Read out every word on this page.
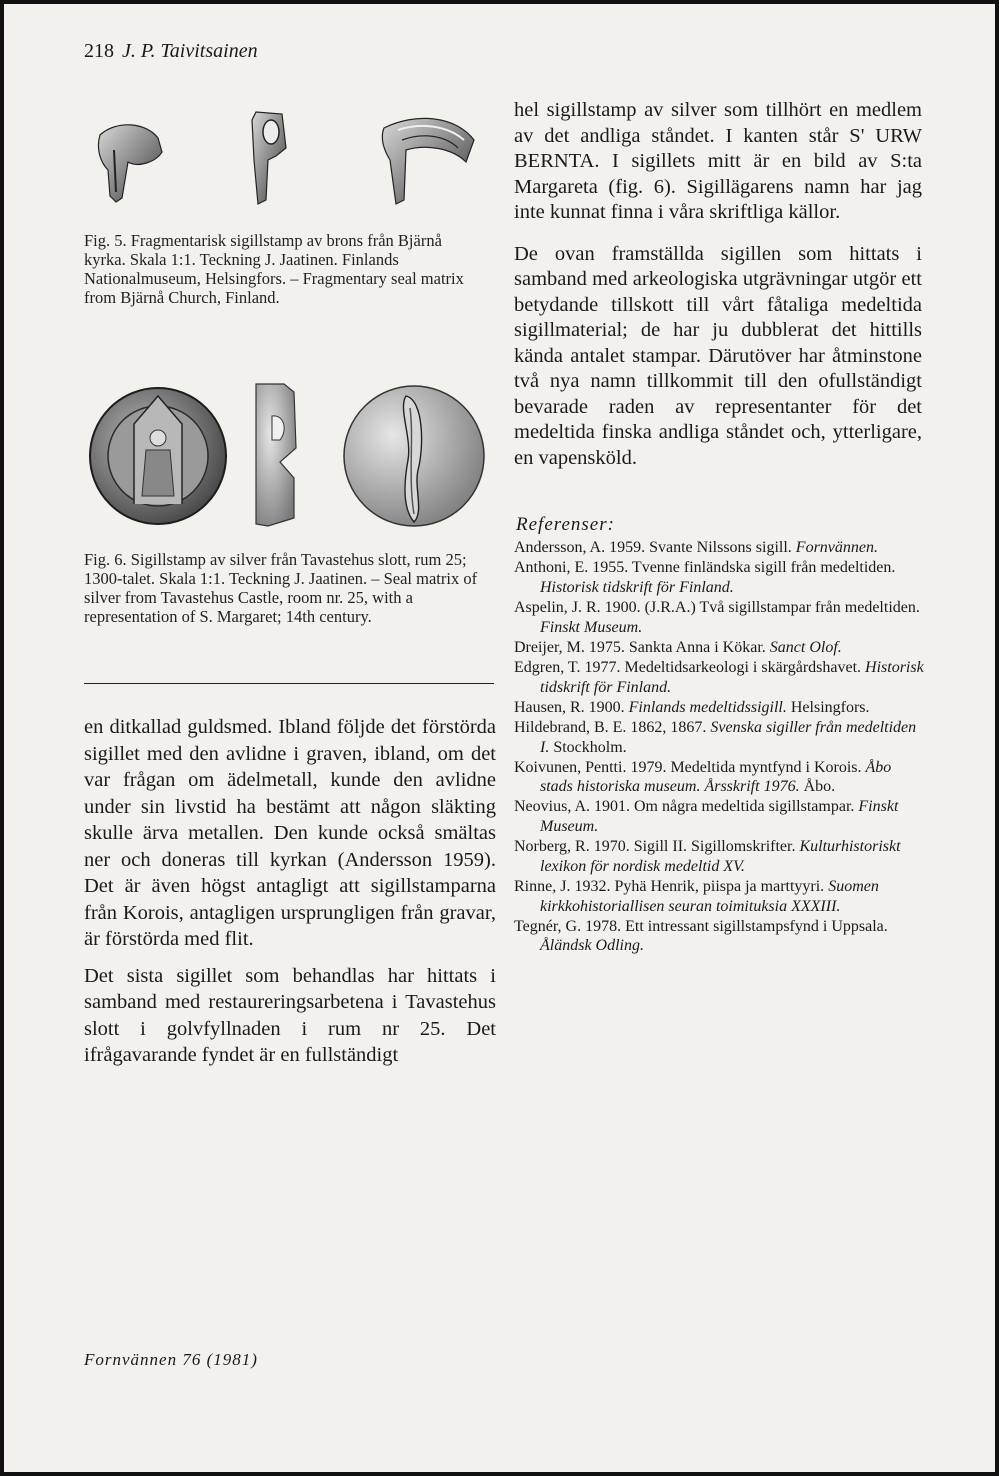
218 J. P. Taivitsainen
Fig. 5. Fragmentarisk sigillstamp av brons från Bjärnå kyrka. Skala 1:1. Teckning J. Jaatinen. Finlands Nationalmuseum, Helsingfors. – Fragmentary seal matrix from Bjärnå Church, Finland.
Fig. 6. Sigillstamp av silver från Tavastehus slott, rum 25; 1300-talet. Skala 1:1. Teckning J. Jaatinen. – Seal matrix of silver from Tavastehus Castle, room nr. 25, with a representation of S. Margaret; 14th century.

en ditkallad guldsmed. Ibland följde det förstörda sigillet med den avlidne i graven, ibland, om det var frågan om ädelmetall, kunde den avlidne under sin livstid ha bestämt att någon släkting skulle ärva metallen. Den kunde också smältas ner och doneras till kyrkan (Andersson 1959). Det är även högst antagligt att sigillstamparna från Korois, antagligen ursprungligen från gravar, är förstörda med flit.

Det sista sigillet som behandlas har hittats i samband med restaureringsarbetena i Tavastehus slott i golvfyllnaden i rum nr 25. Det ifrågavarande fyndet är en fullständigt

hel sigillstamp av silver som tillhört en medlem av det andliga ståndet. I kanten står S' URW BERNTA. I sigillets mitt är en bild av S:ta Margareta (fig. 6). Sigillägarens namn har jag inte kunnat finna i våra skriftliga källor.

De ovan framställda sigillen som hittats i samband med arkeologiska utgrävningar utgör ett betydande tillskott till vårt fåtaliga medeltida sigillmaterial; de har ju dubblerat det hittills kända antalet stampar. Därutöver har åtminstone två nya namn tillkommit till den ofullständigt bevarade raden av representanter för det medeltida finska andliga ståndet och, ytterligare, en vapensköld.

Referenser:
Andersson, A. 1959. Svante Nilssons sigill. Fornvännen.
Anthoni, E. 1955. Tvenne finländska sigill från medeltiden. Historisk tidskrift för Finland.
Aspelin, J. R. 1900. (J.R.A.) Två sigillstampar från medeltiden. Finskt Museum.
Dreijer, M. 1975. Sankta Anna i Kökar. Sanct Olof.
Edgren, T. 1977. Medeltidsarkeologi i skärgårdshavet. Historisk tidskrift för Finland.
Hausen, R. 1900. Finlands medeltidssigill. Helsingfors.
Hildebrand, B. E. 1862, 1867. Svenska sigiller från medeltiden I. Stockholm.
Koivunen, Pentti. 1979. Medeltida myntfynd i Korois. Åbo stads historiska museum. Årsskrift 1976. Åbo.
Neovius, A. 1901. Om några medeltida sigillstampar. Finskt Museum.
Norberg, R. 1970. Sigill II. Sigillomskrifter. Kulturhistoriskt lexikon för nordisk medeltid XV.
Rinne, J. 1932. Pyhä Henrik, piispa ja marttyyri. Suomen kirkkohistoriallisen seuran toimituksia XXXIII.
Tegnér, G. 1978. Ett intressant sigillstampsfynd i Uppsala. Åländsk Odling.
Fornvännen 76 (1981)
